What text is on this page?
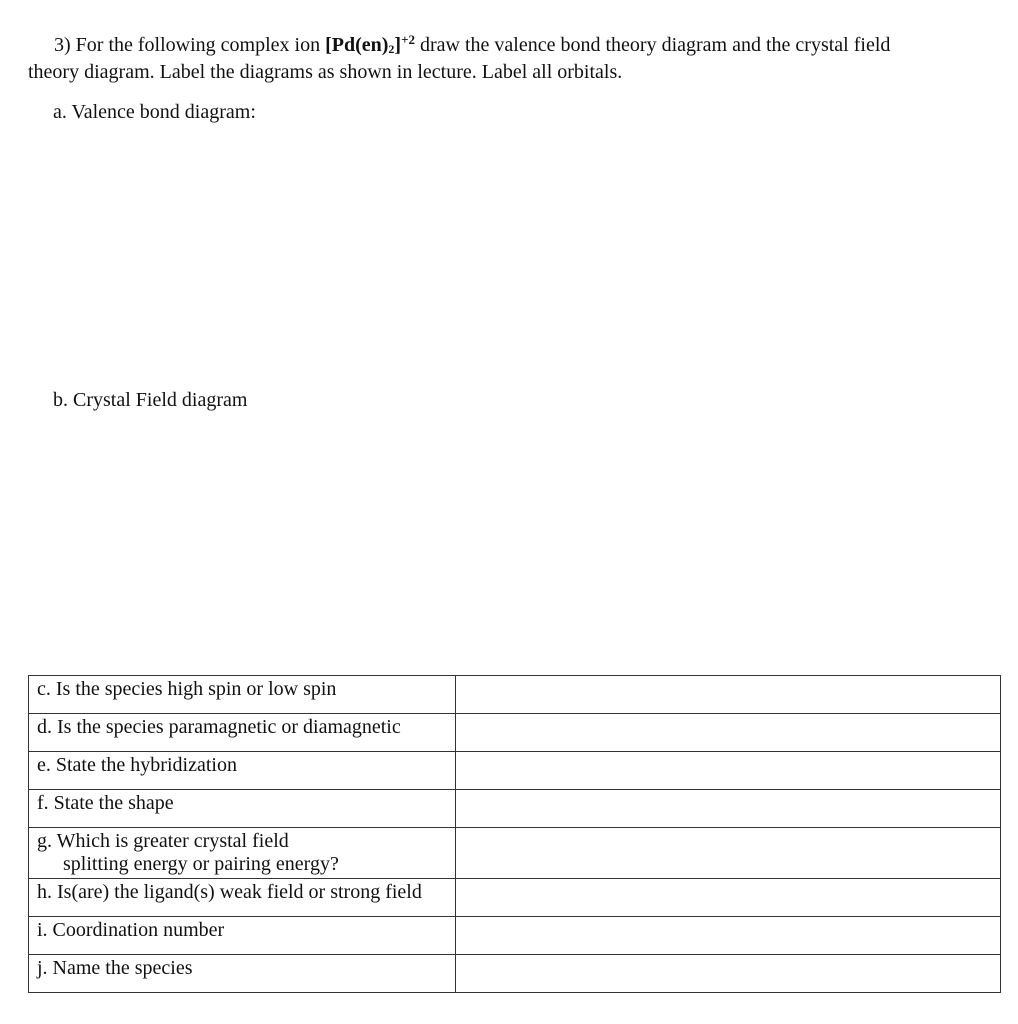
3) For the following complex ion $[Pd(en)_2]^{+2}$ draw the valence bond theory diagram and the crystal field
theory diagram. Label the diagrams as shown in lecture. Label all orbitals.
a. Valence bond diagram:
b. Crystal Field diagram
c. Is the species high spin or low spin	
d. Is the species paramagnetic or diamagnetic	
e. State the hybridization	
f. State the shape	
g. Which is greater crystal field
splitting energy or pairing energy?	

h. Is(are) the ligand(s) weak field or strong field	
i. Coordination number	
j. Name the species	
